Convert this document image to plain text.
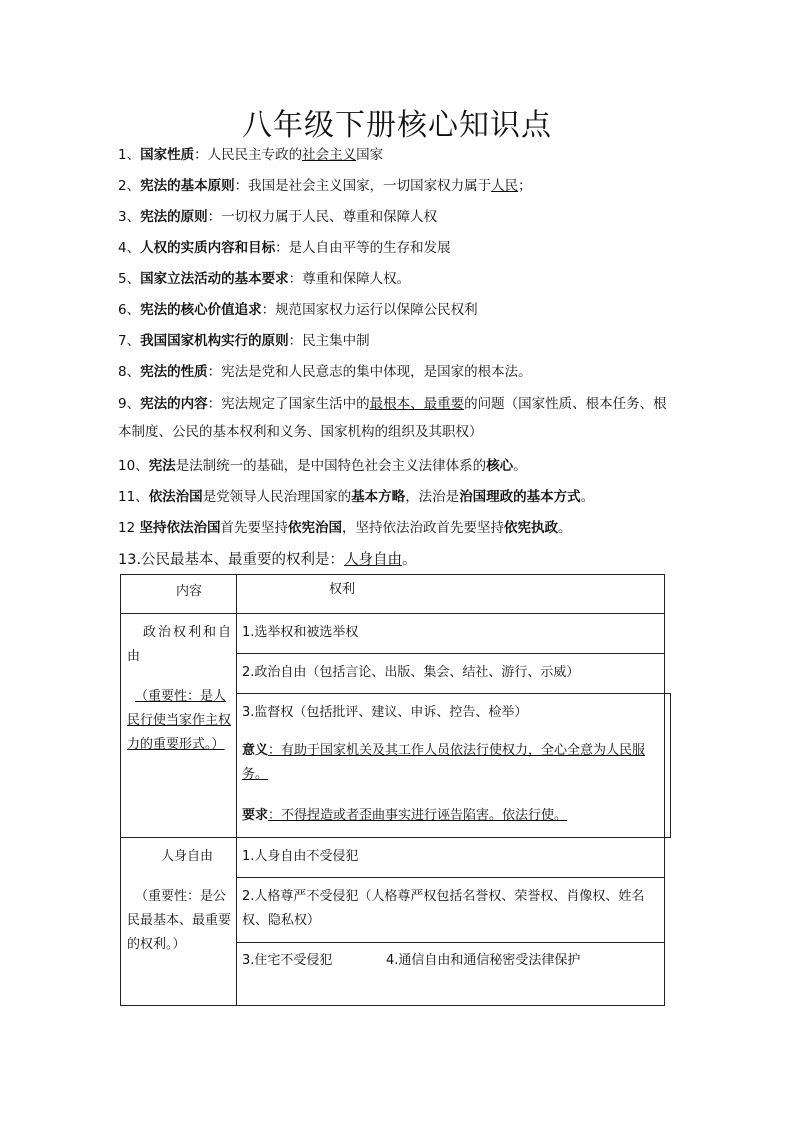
八年级下册核心知识点
1、国家性质：人民民主专政的社会主义国家
2、宪法的基本原则：我国是社会主义国家，一切国家权力属于人民；
3、宪法的原则：一切权力属于人民、尊重和保障人权
4、人权的实质内容和目标：是人自由平等的生存和发展
5、国家立法活动的基本要求：尊重和保障人权。
6、宪法的核心价值追求：规范国家权力运行以保障公民权利
7、我国国家机构实行的原则：民主集中制
8、宪法的性质：宪法是党和人民意志的集中体现，是国家的根本法。
9、宪法的内容：宪法规定了国家生活中的最根本、最重要的问题（国家性质、根本任务、根本制度、公民的基本权利和义务、国家机构的组织及其职权）
10、宪法是法制统一的基础，是中国特色社会主义法律体系的核心。
11、依法治国是党领导人民治理国家的基本方略，法治是治国理政的基本方式。
12 坚持依法治国首先要坚持依宪治国，坚持依法治政首先要坚持依宪执政。
13.公民最基本、最重要的权利是：人身自由。
内容	权利
政治权利和自由
（重要性：是人民行使当家作主权力的重要形式。）
1.选举权和被选举权
2.政治自由（包括言论、出版、集会、结社、游行、示威）
3.监督权（包括批评、建议、申诉、控告、检举）
意义：有助于国家机关及其工作人员依法行使权力，全心全意为人民服务。
要求：不得捏造或者歪曲事实进行诬告陷害。依法行使。
人身自由
（重要性：是公民最基本、最重要的权利。）
1.人身自由不受侵犯
2.人格尊严不受侵犯（人格尊严权包括名誉权、荣誉权、肖像权、姓名权、隐私权）
3.住宅不受侵犯	4.通信自由和通信秘密受法律保护
